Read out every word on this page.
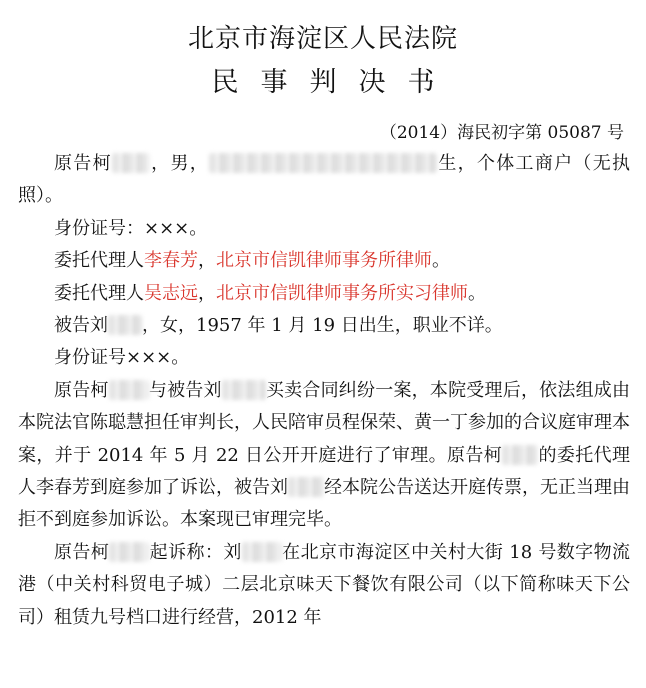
北京市海淀区人民法院
民事判决书
（2014）海民初字第 05087 号

原告柯 ，男，	生，个体工商户（无执照）。

身份证号：×××。

委托代理人李春芳，北京市信凯律师事务所律师。

委托代理人吴志远，北京市信凯律师事务所实习律师。

被告刘 ，女，1957 年 1 月 19 日出生，职业不详。

身份证号×××。

原告柯 与被告刘 买卖合同纠纷一案，本院受理后，依法组成由本院法官陈聪慧担任审判长，人民陪审员程保荣、黄一丁参加的合议庭审理本案，并于 2014 年 5 月 22 日公开开庭进行了审理。原告柯 的委托代理人李春芳到庭参加了诉讼，被告刘 经本院公告送达开庭传票，无正当理由拒不到庭参加诉讼。本案现已审理完毕。

原告柯 起诉称：刘 在北京市海淀区中关村大街 18 号数字物流港（中关村科贸电子城）二层北京味天下餐饮有限公司（以下简称味天下公司）租赁九号档口进行经营，2012 年
